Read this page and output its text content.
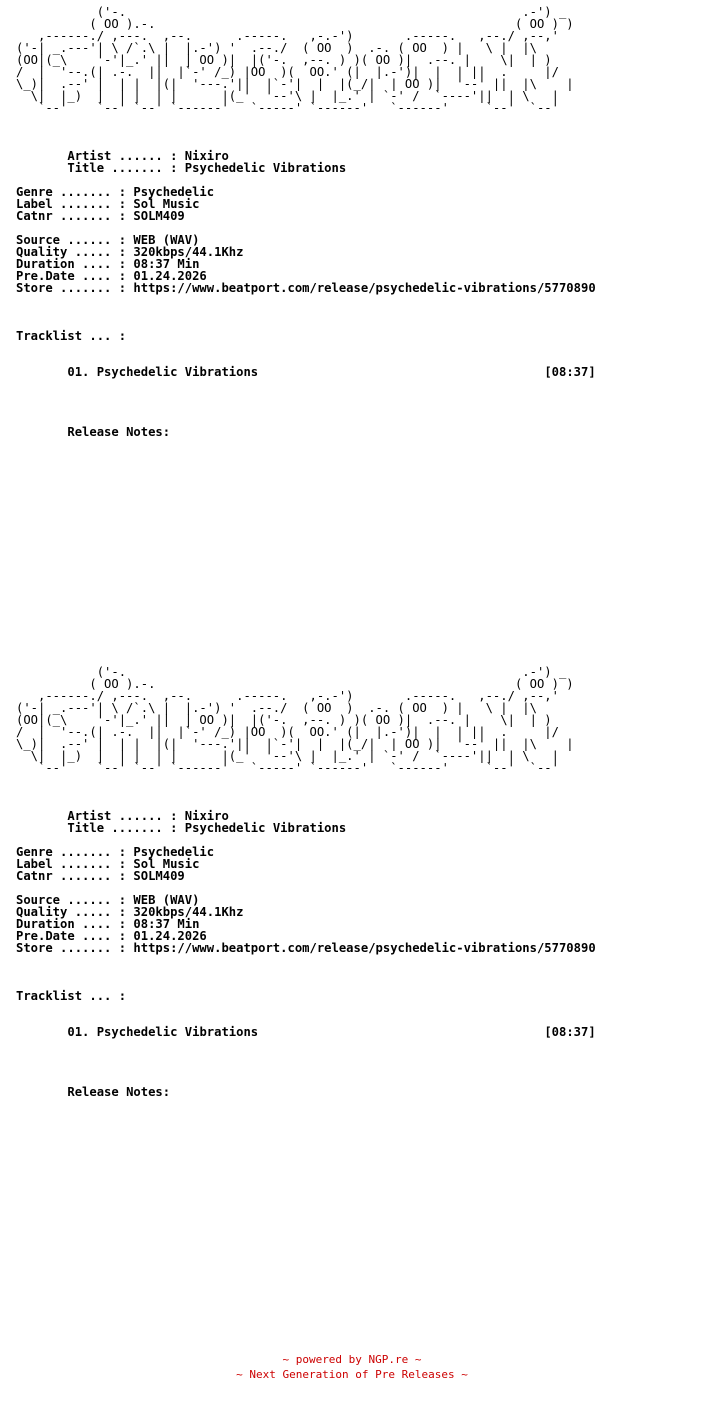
('-.                                                      .-') _
( OO ).-.                                                 ( OO ) )
,------./ ,---.  ,--.      .-----.   ,-.-')       .-----.   ,--./ ,--,'
('-| _.---'| \ /`.\ |  |.-') '  .--./  ( OO  )  .-. ( OO  ) |   \ |  |\
(OO|(_\    '-'|_.' ||  | OO )|  |('-.  ,--. ) )( OO )|  .--. |    \|  | )
/  |  '--.(| .-.  ||  |`-' /_) |OO  )(  OO.' (|  |.-')|  |  | ||  .     |/
\_)|  .--' |  | |  |(|  '---.'||  |`-'|  |  |(_/|  | OO )|  '--' ||  |\    |
\|  |_)  |  | |  | |      |(_'  '--'\ |  |_.' | `-' /  `----'||  | \   |
`--'    `--' `--' `------'   `-----' `------'   `------'     `--'  `--'

Artist ...... : Nixiro
Title ....... : Psychedelic Vibrations

Genre ....... : Psychedelic
Label ....... : Sol Music
Catnr ....... : SOLM409

Source ...... : WEB (WAV)
Quality ..... : 320kbps/44.1Khz
Duration .... : 08:37 Min
Pre.Date .... : 01.24.2026
Store ....... : https://www.beatport.com/release/psychedelic-vibrations/5770890

Tracklist ... :

01. Psychedelic Vibrations	[08:37]

Release Notes:
('-.                                                      .-') _
( OO ).-.                                                 ( OO ) )
,------./ ,---.  ,--.      .-----.   ,-.-')       .-----.   ,--./ ,--,'
('-| _.---'| \ /`.\ |  |.-') '  .--./  ( OO  )  .-. ( OO  ) |   \ |  |\
(OO|(_\    '-'|_.' ||  | OO )|  |('-.  ,--. ) )( OO )|  .--. |    \|  | )
/  |  '--.(| .-.  ||  |`-' /_) |OO  )(  OO.' (|  |.-')|  |  | ||  .     |/
\_)|  .--' |  | |  |(|  '---.'||  |`-'|  |  |(_/|  | OO )|  '--' ||  |\    |
\|  |_)  |  | |  | |      |(_'  '--'\ |  |_.' | `-' /  `----'||  | \   |
`--'    `--' `--' `------'   `-----' `------'   `------'     `--'  `--'

Artist ...... : Nixiro
Title ....... : Psychedelic Vibrations

Genre ....... : Psychedelic
Label ....... : Sol Music
Catnr ....... : SOLM409

Source ...... : WEB (WAV)
Quality ..... : 320kbps/44.1Khz
Duration .... : 08:37 Min
Pre.Date .... : 01.24.2026
Store ....... : https://www.beatport.com/release/psychedelic-vibrations/5770890

Tracklist ... :

01. Psychedelic Vibrations	[08:37]

Release Notes:
~ powered by NGP.re ~
~ Next Generation of Pre Releases ~
